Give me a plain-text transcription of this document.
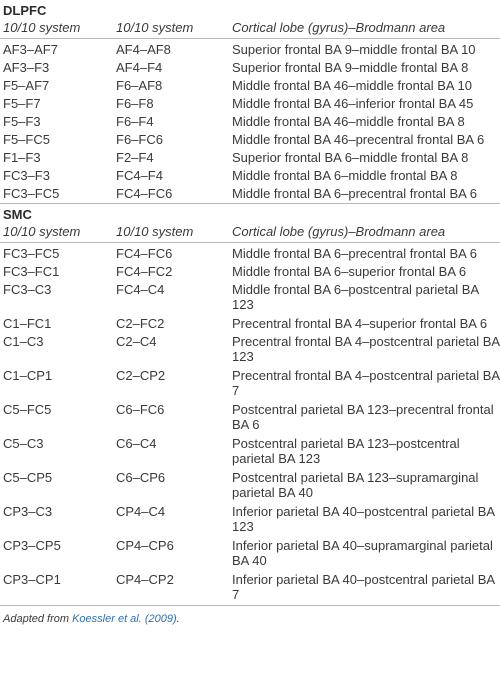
DLPFC		
10/10 system	10/10 system	Cortical lobe (gyrus)–Brodmann area
AF3–AF7	AF4–AF8	Superior frontal BA 9–middle frontal BA 10
AF3–F3	AF4–F4	Superior frontal BA 9–middle frontal BA 8
F5–AF7	F6–AF8	Middle frontal BA 46–middle frontal BA 10
F5–F7	F6–F8	Middle frontal BA 46–inferior frontal BA 45
F5–F3	F6–F4	Middle frontal BA 46–middle frontal BA 8
F5–FC5	F6–FC6	Middle frontal BA 46–precentral frontal BA 6
F1–F3	F2–F4	Superior frontal BA 6–middle frontal BA 8
FC3–F3	FC4–F4	Middle frontal BA 6–middle frontal BA 8
FC3–FC5	FC4–FC6	Middle frontal BA 6–precentral frontal BA 6
SMC		
10/10 system	10/10 system	Cortical lobe (gyrus)–Brodmann area
FC3–FC5	FC4–FC6	Middle frontal BA 6–precentral frontal BA 6
FC3–FC1	FC4–FC2	Middle frontal BA 6–superior frontal BA 6
FC3–C3	FC4–C4	Middle frontal BA 6–postcentral parietal BA 123
C1–FC1	C2–FC2	Precentral frontal BA 4–superior frontal BA 6
C1–C3	C2–C4	Precentral frontal BA 4–postcentral parietal BA 123
C1–CP1	C2–CP2	Precentral frontal BA 4–postcentral parietal BA 7
C5–FC5	C6–FC6	Postcentral parietal BA 123–precentral frontal BA 6
C5–C3	C6–C4	Postcentral parietal BA 123–postcentral parietal BA 123
C5–CP5	C6–CP6	Postcentral parietal BA 123–supramarginal parietal BA 40
CP3–C3	CP4–C4	Inferior parietal BA 40–postcentral parietal BA 123
CP3–CP5	CP4–CP6	Inferior parietal BA 40–supramarginal parietal BA 40
CP3–CP1	CP4–CP2	Inferior parietal BA 40–postcentral parietal BA 7
Adapted from Koessler et al. (2009).
